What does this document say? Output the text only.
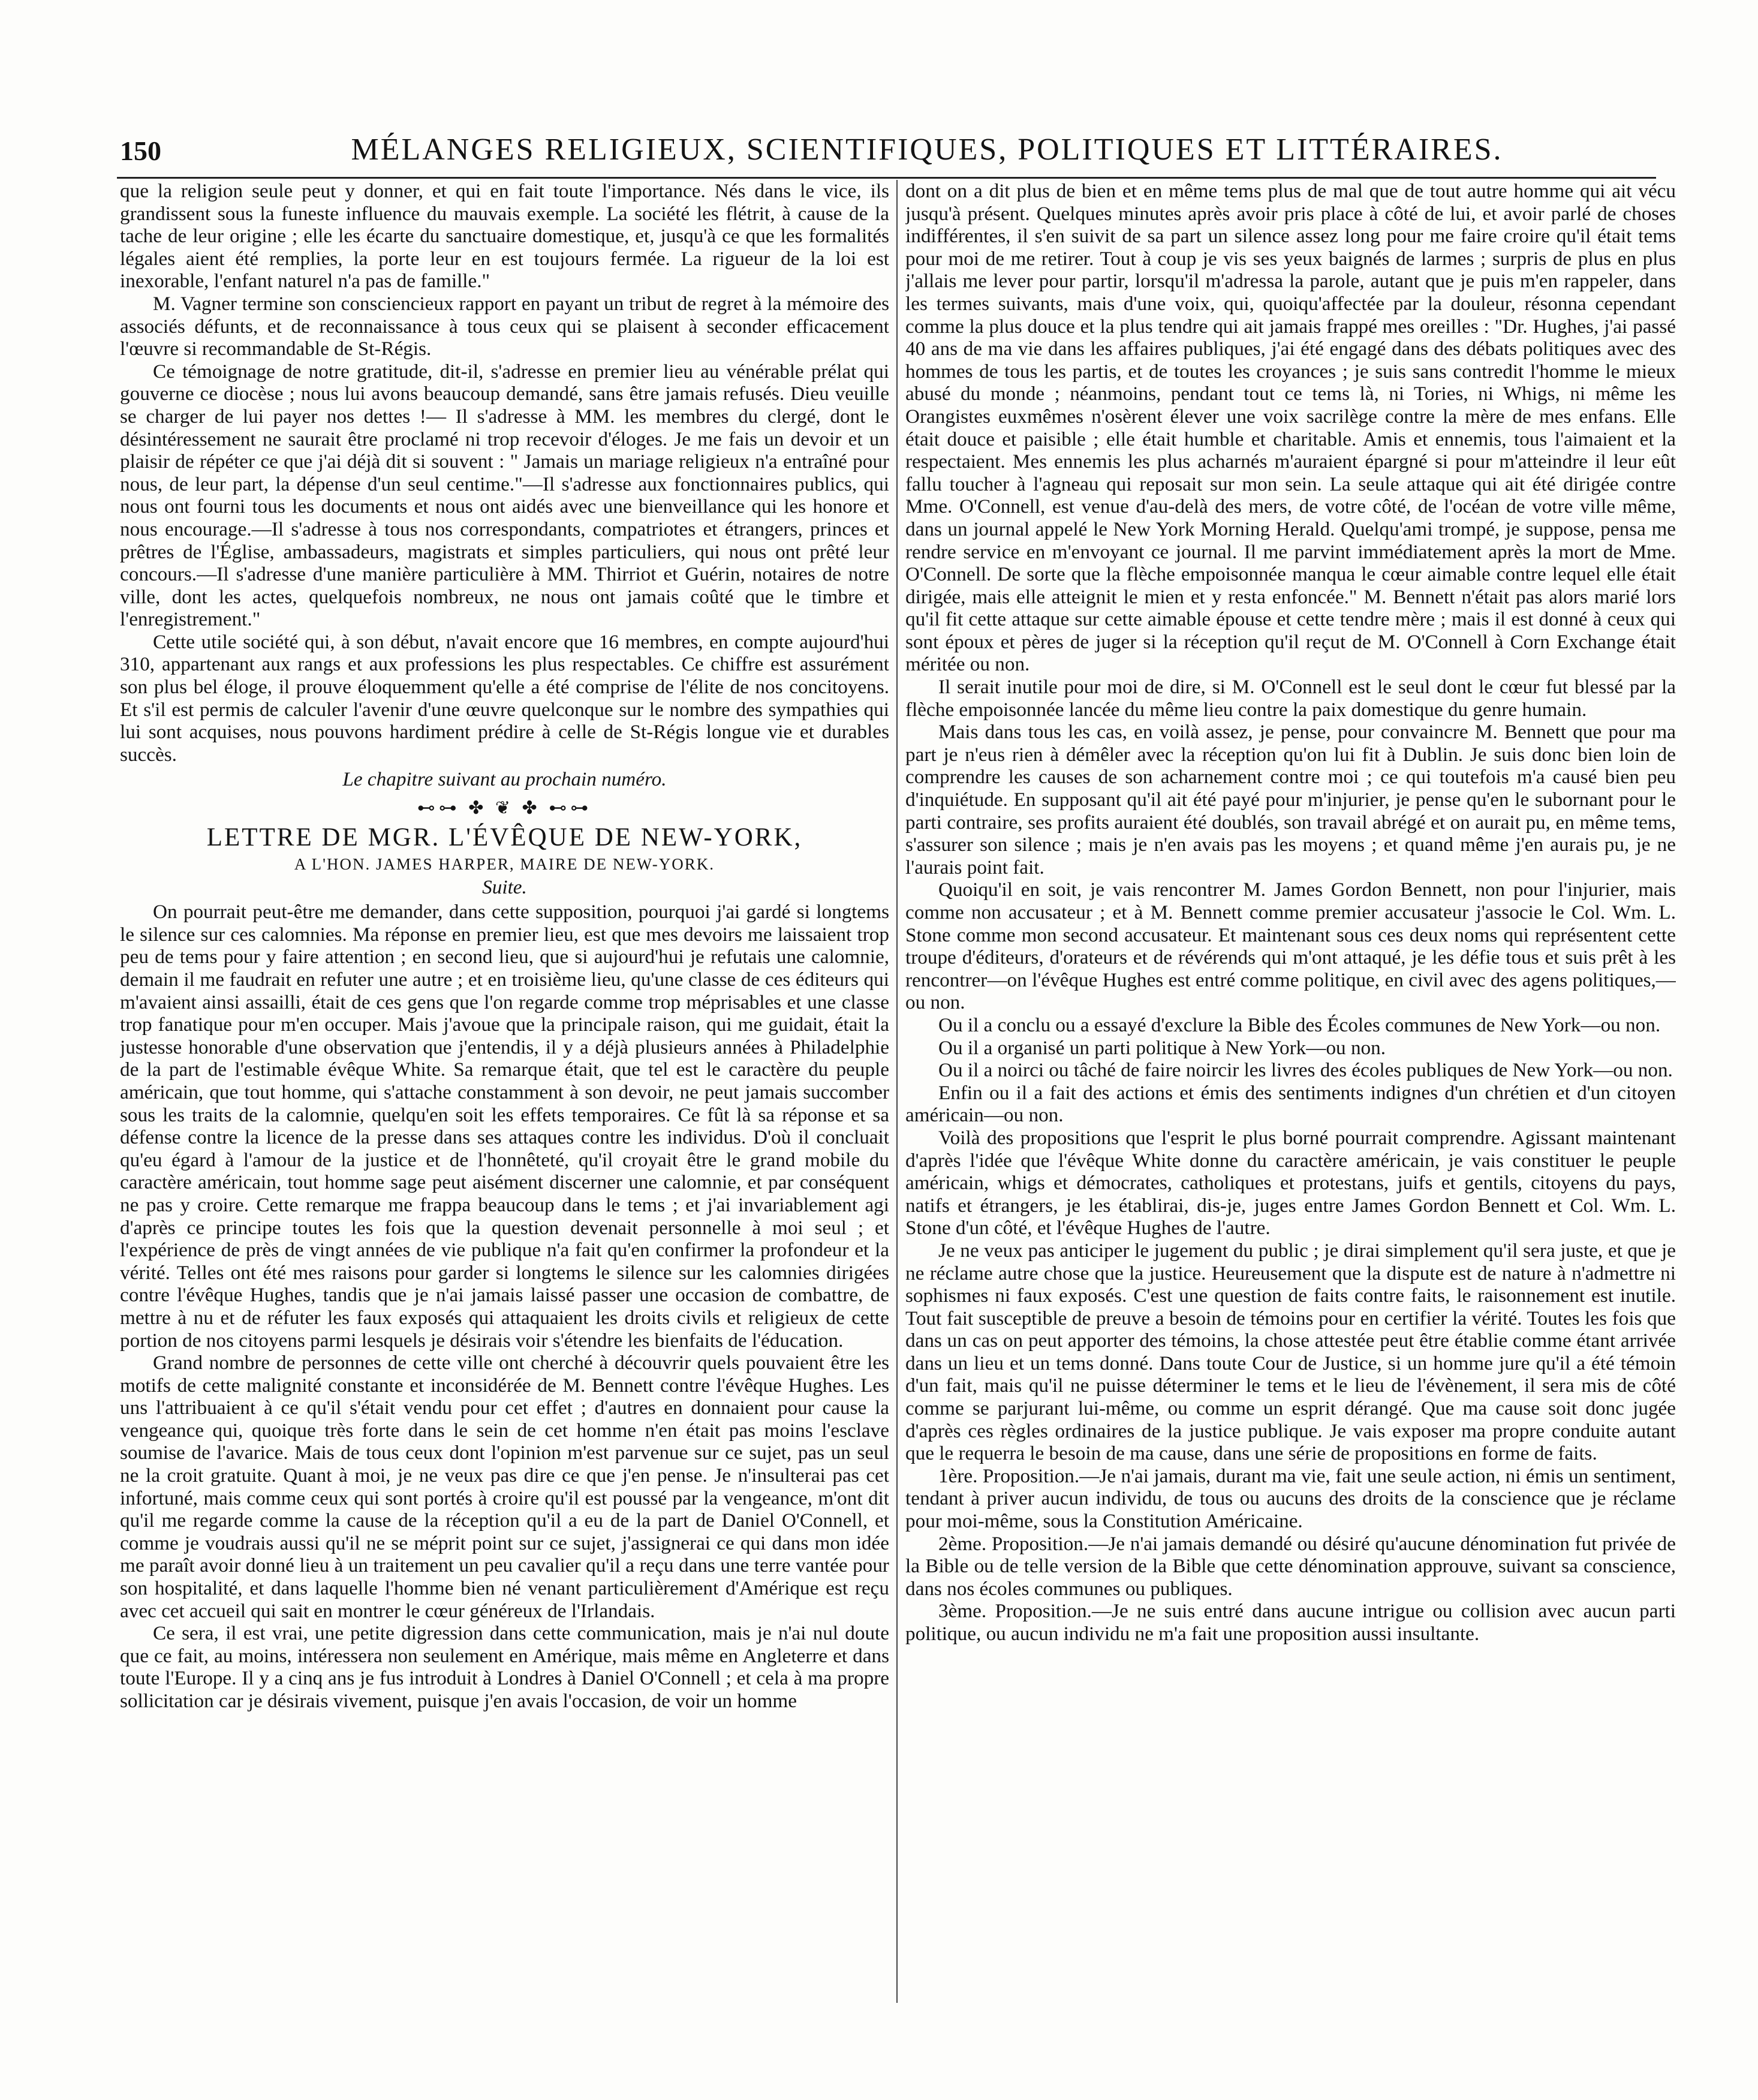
150	MÉLANGES RELIGIEUX, SCIENTIFIQUES, POLITIQUES ET LITTÉRAIRES.

que la religion seule peut y donner, et qui en fait toute l'importance. Nés dans le vice, ils grandissent sous la funeste influence du mauvais exemple. La société les flétrit, à cause de la tache de leur origine ; elle les écarte du sanctuaire domestique, et, jusqu'à ce que les formalités légales aient été remplies, la porte leur en est toujours fermée. La rigueur de la loi est inexorable, l'enfant naturel n'a pas de famille."

M. Vagner termine son consciencieux rapport en payant un tribut de regret à la mémoire des associés défunts, et de reconnaissance à tous ceux qui se plaisent à seconder efficacement l'œuvre si recommandable de St-Régis.

Ce témoignage de notre gratitude, dit-il, s'adresse en premier lieu au vénérable prélat qui gouverne ce diocèse ; nous lui avons beaucoup demandé, sans être jamais refusés. Dieu veuille se charger de lui payer nos dettes !— Il s'adresse à MM. les membres du clergé, dont le désintéressement ne saurait être proclamé ni trop recevoir d'éloges. Je me fais un devoir et un plaisir de répéter ce que j'ai déjà dit si souvent : " Jamais un mariage religieux n'a entraîné pour nous, de leur part, la dépense d'un seul centime."—Il s'adresse aux fonctionnaires publics, qui nous ont fourni tous les documents et nous ont aidés avec une bienveillance qui les honore et nous encourage.—Il s'adresse à tous nos correspondants, compatriotes et étrangers, princes et prêtres de l'Église, ambassadeurs, magistrats et simples particuliers, qui nous ont prêté leur concours.—Il s'adresse d'une manière particulière à MM. Thirriot et Guérin, notaires de notre ville, dont les actes, quelquefois nombreux, ne nous ont jamais coûté que le timbre et l'enregistrement."

Cette utile société qui, à son début, n'avait encore que 16 membres, en compte aujourd'hui 310, appartenant aux rangs et aux professions les plus respectables. Ce chiffre est assurément son plus bel éloge, il prouve éloquemment qu'elle a été comprise de l'élite de nos concitoyens. Et s'il est permis de calculer l'avenir d'une œuvre quelconque sur le nombre des sympathies qui lui sont acquises, nous pouvons hardiment prédire à celle de St-Régis longue vie et durables succès.

Le chapitre suivant au prochain numéro.
⊷⊶ ✤ ❦ ✤ ⊷⊶
LETTRE DE MGR. L'ÉVÊQUE DE NEW-YORK,
A L'HON. JAMES HARPER, MAIRE DE NEW-YORK.
Suite.

On pourrait peut-être me demander, dans cette supposition, pourquoi j'ai gardé si longtems le silence sur ces calomnies. Ma réponse en premier lieu, est que mes devoirs me laissaient trop peu de tems pour y faire attention ; en second lieu, que si aujourd'hui je refutais une calomnie, demain il me faudrait en refuter une autre ; et en troisième lieu, qu'une classe de ces éditeurs qui m'avaient ainsi assailli, était de ces gens que l'on regarde comme trop méprisables et une classe trop fanatique pour m'en occuper. Mais j'avoue que la principale raison, qui me guidait, était la justesse honorable d'une observation que j'entendis, il y a déjà plusieurs années à Philadelphie de la part de l'estimable évêque White. Sa remarque était, que tel est le caractère du peuple américain, que tout homme, qui s'attache constamment à son devoir, ne peut jamais succomber sous les traits de la calomnie, quelqu'en soit les effets temporaires. Ce fût là sa réponse et sa défense contre la licence de la presse dans ses attaques contre les individus. D'où il concluait qu'eu égard à l'amour de la justice et de l'honnêteté, qu'il croyait être le grand mobile du caractère américain, tout homme sage peut aisément discerner une calomnie, et par conséquent ne pas y croire. Cette remarque me frappa beaucoup dans le tems ; et j'ai invariablement agi d'après ce principe toutes les fois que la question devenait personnelle à moi seul ; et l'expérience de près de vingt années de vie publique n'a fait qu'en confirmer la profondeur et la vérité. Telles ont été mes raisons pour garder si longtems le silence sur les calomnies dirigées contre l'évêque Hughes, tandis que je n'ai jamais laissé passer une occasion de combattre, de mettre à nu et de réfuter les faux exposés qui attaquaient les droits civils et religieux de cette portion de nos citoyens parmi lesquels je désirais voir s'étendre les bienfaits de l'éducation.

Grand nombre de personnes de cette ville ont cherché à découvrir quels pouvaient être les motifs de cette malignité constante et inconsidérée de M. Bennett contre l'évêque Hughes. Les uns l'attribuaient à ce qu'il s'était vendu pour cet effet ; d'autres en donnaient pour cause la vengeance qui, quoique très forte dans le sein de cet homme n'en était pas moins l'esclave soumise de l'avarice. Mais de tous ceux dont l'opinion m'est parvenue sur ce sujet, pas un seul ne la croit gratuite. Quant à moi, je ne veux pas dire ce que j'en pense. Je n'insulterai pas cet infortuné, mais comme ceux qui sont portés à croire qu'il est poussé par la vengeance, m'ont dit qu'il me regarde comme la cause de la réception qu'il a eu de la part de Daniel O'Connell, et comme je voudrais aussi qu'il ne se méprit point sur ce sujet, j'assignerai ce qui dans mon idée me paraît avoir donné lieu à un traitement un peu cavalier qu'il a reçu dans une terre vantée pour son hospitalité, et dans laquelle l'homme bien né venant particulièrement d'Amérique est reçu avec cet accueil qui sait en montrer le cœur généreux de l'Irlandais.

Ce sera, il est vrai, une petite digression dans cette communication, mais je n'ai nul doute que ce fait, au moins, intéressera non seulement en Amérique, mais même en Angleterre et dans toute l'Europe. Il y a cinq ans je fus introduit à Londres à Daniel O'Connell ; et cela à ma propre sollicitation car je désirais vivement, puisque j'en avais l'occasion, de voir un homme

dont on a dit plus de bien et en même tems plus de mal que de tout autre homme qui ait vécu jusqu'à présent. Quelques minutes après avoir pris place à côté de lui, et avoir parlé de choses indifférentes, il s'en suivit de sa part un silence assez long pour me faire croire qu'il était tems pour moi de me retirer. Tout à coup je vis ses yeux baignés de larmes ; surpris de plus en plus j'allais me lever pour partir, lorsqu'il m'adressa la parole, autant que je puis m'en rappeler, dans les termes suivants, mais d'une voix, qui, quoiqu'affectée par la douleur, résonna cependant comme la plus douce et la plus tendre qui ait jamais frappé mes oreilles : "Dr. Hughes, j'ai passé 40 ans de ma vie dans les affaires publiques, j'ai été engagé dans des débats politiques avec des hommes de tous les partis, et de toutes les croyances ; je suis sans contredit l'homme le mieux abusé du monde ; néanmoins, pendant tout ce tems là, ni Tories, ni Whigs, ni même les Orangistes euxmêmes n'osèrent élever une voix sacrilège contre la mère de mes enfans. Elle était douce et paisible ; elle était humble et charitable. Amis et ennemis, tous l'aimaient et la respectaient. Mes ennemis les plus acharnés m'auraient épargné si pour m'atteindre il leur eût fallu toucher à l'agneau qui reposait sur mon sein. La seule attaque qui ait été dirigée contre Mme. O'Connell, est venue d'au-delà des mers, de votre côté, de l'océan de votre ville même, dans un journal appelé le New York Morning Herald. Quelqu'ami trompé, je suppose, pensa me rendre service en m'envoyant ce journal. Il me parvint immédiatement après la mort de Mme. O'Connell. De sorte que la flèche empoisonnée manqua le cœur aimable contre lequel elle était dirigée, mais elle atteignit le mien et y resta enfoncée." M. Bennett n'était pas alors marié lors qu'il fit cette attaque sur cette aimable épouse et cette tendre mère ; mais il est donné à ceux qui sont époux et pères de juger si la réception qu'il reçut de M. O'Connell à Corn Exchange était méritée ou non.

Il serait inutile pour moi de dire, si M. O'Connell est le seul dont le cœur fut blessé par la flèche empoisonnée lancée du même lieu contre la paix domestique du genre humain.

Mais dans tous les cas, en voilà assez, je pense, pour convaincre M. Bennett que pour ma part je n'eus rien à démêler avec la réception qu'on lui fit à Dublin. Je suis donc bien loin de comprendre les causes de son acharnement contre moi ; ce qui toutefois m'a causé bien peu d'inquiétude. En supposant qu'il ait été payé pour m'injurier, je pense qu'en le subornant pour le parti contraire, ses profits auraient été doublés, son travail abrégé et on aurait pu, en même tems, s'assurer son silence ; mais je n'en avais pas les moyens ; et quand même j'en aurais pu, je ne l'aurais point fait.

Quoiqu'il en soit, je vais rencontrer M. James Gordon Bennett, non pour l'injurier, mais comme non accusateur ; et à M. Bennett comme premier accusateur j'associe le Col. Wm. L. Stone comme mon second accusateur. Et maintenant sous ces deux noms qui représentent cette troupe d'éditeurs, d'orateurs et de révérends qui m'ont attaqué, je les défie tous et suis prêt à les rencontrer—on l'évêque Hughes est entré comme politique, en civil avec des agens politiques,—ou non.

Ou il a conclu ou a essayé d'exclure la Bible des Écoles communes de New York—ou non.

Ou il a organisé un parti politique à New York—ou non.

Ou il a noirci ou tâché de faire noircir les livres des écoles publiques de New York—ou non.

Enfin ou il a fait des actions et émis des sentiments indignes d'un chrétien et d'un citoyen américain—ou non.

Voilà des propositions que l'esprit le plus borné pourrait comprendre. Agissant maintenant d'après l'idée que l'évêque White donne du caractère américain, je vais constituer le peuple américain, whigs et démocrates, catholiques et protestans, juifs et gentils, citoyens du pays, natifs et étrangers, je les établirai, dis-je, juges entre James Gordon Bennett et Col. Wm. L. Stone d'un côté, et l'évêque Hughes de l'autre.

Je ne veux pas anticiper le jugement du public ; je dirai simplement qu'il sera juste, et que je ne réclame autre chose que la justice. Heureusement que la dispute est de nature à n'admettre ni sophismes ni faux exposés. C'est une question de faits contre faits, le raisonnement est inutile. Tout fait susceptible de preuve a besoin de témoins pour en certifier la vérité. Toutes les fois que dans un cas on peut apporter des témoins, la chose attestée peut être établie comme étant arrivée dans un lieu et un tems donné. Dans toute Cour de Justice, si un homme jure qu'il a été témoin d'un fait, mais qu'il ne puisse déterminer le tems et le lieu de l'évènement, il sera mis de côté comme se parjurant lui-même, ou comme un esprit dérangé. Que ma cause soit donc jugée d'après ces règles ordinaires de la justice publique. Je vais exposer ma propre conduite autant que le requerra le besoin de ma cause, dans une série de propositions en forme de faits.

1ère. Proposition.—Je n'ai jamais, durant ma vie, fait une seule action, ni émis un sentiment, tendant à priver aucun individu, de tous ou aucuns des droits de la conscience que je réclame pour moi-même, sous la Constitution Américaine.

2ème. Proposition.—Je n'ai jamais demandé ou désiré qu'aucune dénomination fut privée de la Bible ou de telle version de la Bible que cette dénomination approuve, suivant sa conscience, dans nos écoles communes ou publiques.

3ème. Proposition.—Je ne suis entré dans aucune intrigue ou collision avec aucun parti politique, ou aucun individu ne m'a fait une proposition aussi insultante.
